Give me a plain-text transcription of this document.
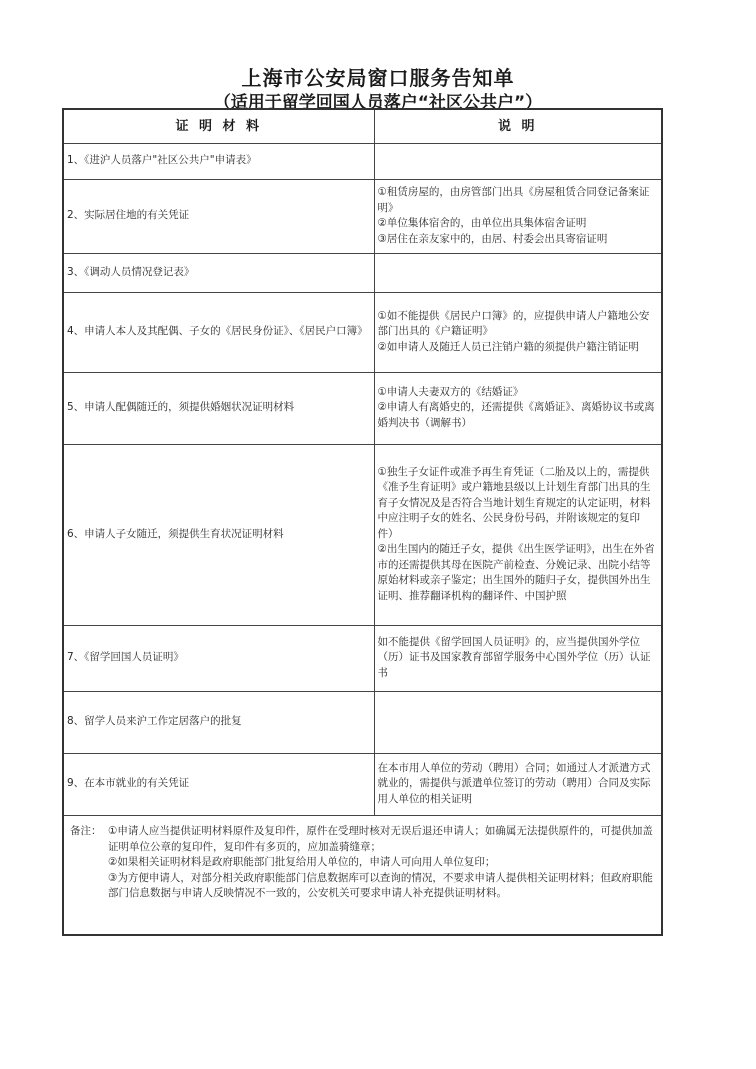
上海市公安局窗口服务告知单
（适用于留学回国人员落户“社区公共户”）
证 明 材 料	说 明
1、《进沪人员落户"社区公共户"申请表》	
2、实际居住地的有关凭证	①租赁房屋的，由房管部门出具《房屋租赁合同登记备案证明》
②单位集体宿舍的，由单位出具集体宿舍证明
③居住在亲友家中的，由居、村委会出具寄宿证明
3、《调动人员情况登记表》	
4、申请人本人及其配偶、子女的《居民身份证》、《居民户口簿》	①如不能提供《居民户口簿》的，应提供申请人户籍地公安部门出具的《户籍证明》
②如申请人及随迁人员已注销户籍的须提供户籍注销证明
5、申请人配偶随迁的，须提供婚姻状况证明材料	①申请人夫妻双方的《结婚证》
②申请人有离婚史的，还需提供《离婚证》、离婚协议书或离婚判决书（调解书）
6、申请人子女随迁，须提供生育状况证明材料	①独生子女证件或准予再生育凭证（二胎及以上的，需提供《准予生育证明》或户籍地县级以上计划生育部门出具的生育子女情况及是否符合当地计划生育规定的认定证明，材料中应注明子女的姓名、公民身份号码，并附该规定的复印件）
②出生国内的随迁子女，提供《出生医学证明》，出生在外省市的还需提供其母在医院产前检查、分娩记录、出院小结等原始材料或亲子鉴定；出生国外的随归子女，提供国外出生证明、推荐翻译机构的翻译件、中国护照
7、《留学回国人员证明》	如不能提供《留学回国人员证明》的，应当提供国外学位（历）证书及国家教育部留学服务中心国外学位（历）认证书
8、留学人员来沪工作定居落户的批复	
9、在本市就业的有关凭证	在本市用人单位的劳动（聘用）合同；如通过人才派遣方式就业的，需提供与派遣单位签订的劳动（聘用）合同及实际用人单位的相关证明
备注： ①申请人应当提供证明材料原件及复印件，原件在受理时核对无误后退还申请人；如确属无法提供原件的，可提供加盖证明单位公章的复印件，复印件有多页的，应加盖骑缝章；
②如果相关证明材料是政府职能部门批复给用人单位的，申请人可向用人单位复印；
③为方便申请人，对部分相关政府职能部门信息数据库可以查询的情况，不要求申请人提供相关证明材料；但政府职能部门信息数据与申请人反映情况不一致的，公安机关可要求申请人补充提供证明材料。
